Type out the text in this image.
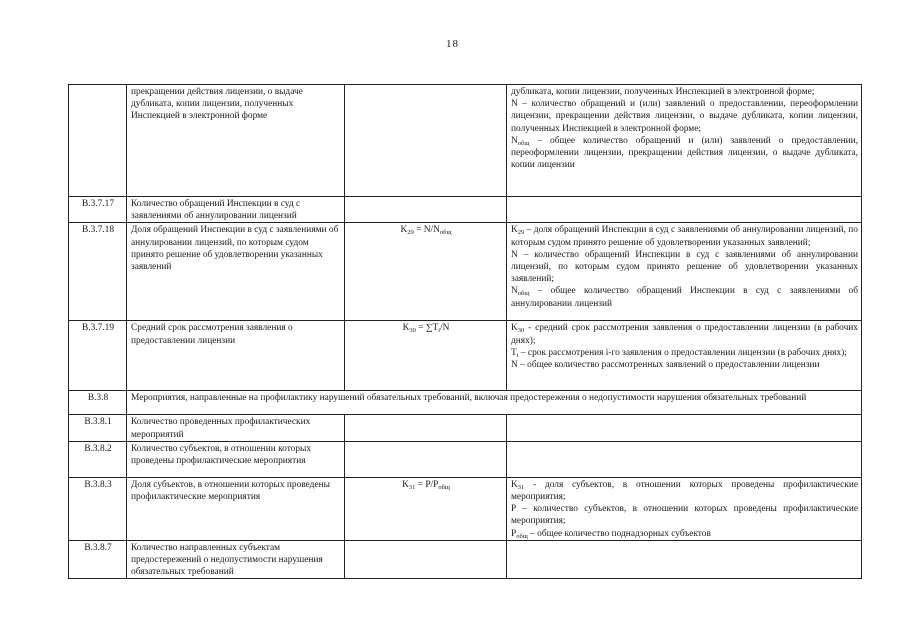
18
	прекращении действия лицензии, о выдаче дубликата, копии лицензии, полученных Инспекцией в электронной форме		дубликата, копии лицензии, полученных Инспекцией в электронной форме;
N – количество обращений и (или) заявлений о предоставлении, переоформлении лицензии, прекращении действия лицензии, о выдаче дубликата, копии лицензии, полученных Инспекцией в электронной форме;
$N_{общ}$ – общее количество обращений и (или) заявлений о предоставлении, переоформлении лицензии, прекращении действия лицензии, о выдаче дубликата, копии лицензии

В.3.7.17	Количество обращений Инспекции в суд с заявлениями об аннулировании лицензий		
В.3.7.18	Доля обращений Инспекции в суд с заявлениями об аннулировании лицензий, по которым судом принято решение об удовлетворении указанных заявлений	$K_{29} = N/N_{общ}$	$K_{29}$ – доля обращений Инспекции в суд с заявлениями об аннулировании лицензий, по которым судом принято решение об удовлетворении указанных заявлений;
N – количество обращений Инспекции в суд с заявлениями об аннулировании лицензий, по которым судом принято решение об удовлетворении указанных заявлений;
$N_{общ}$ – общее количество обращений Инспекции в суд с заявлениями об аннулировании лицензий

В.3.7.19	Средний срок рассмотрения заявления о предоставлении лицензии	$K_{30} = \sum T_i/N$	$K_{30}$ - средний срок рассмотрения заявления о предоставлении лицензии (в рабочих днях);
$T_i$ – срок рассмотрения i-го заявления о предоставлении лицензии (в рабочих днях);
N – общее количество рассмотренных заявлений о предоставлении лицензии

В.3.8	Мероприятия, направленные на профилактику нарушений обязательных требований, включая предостережения о недопустимости нарушения обязательных требований		
В.3.8.1	Количество проведенных профилактических мероприятий		
В.3.8.2	Количество субъектов, в отношении которых проведены профилактические мероприятия		
В.3.8.3	Доля субъектов, в отношении которых проведены профилактические мероприятия	$K_{31} = P/P_{общ}$	$K_{31}$ - доля субъектов, в отношении которых проведены профилактические мероприятия;
P – количество субъектов, в отношении которых проведены профилактические мероприятия;
$P_{общ}$ – общее количество поднадзорных субъектов

В.3.8.7	Количество направленных субъектам предостережений о недопустимости нарушения обязательных требований		
